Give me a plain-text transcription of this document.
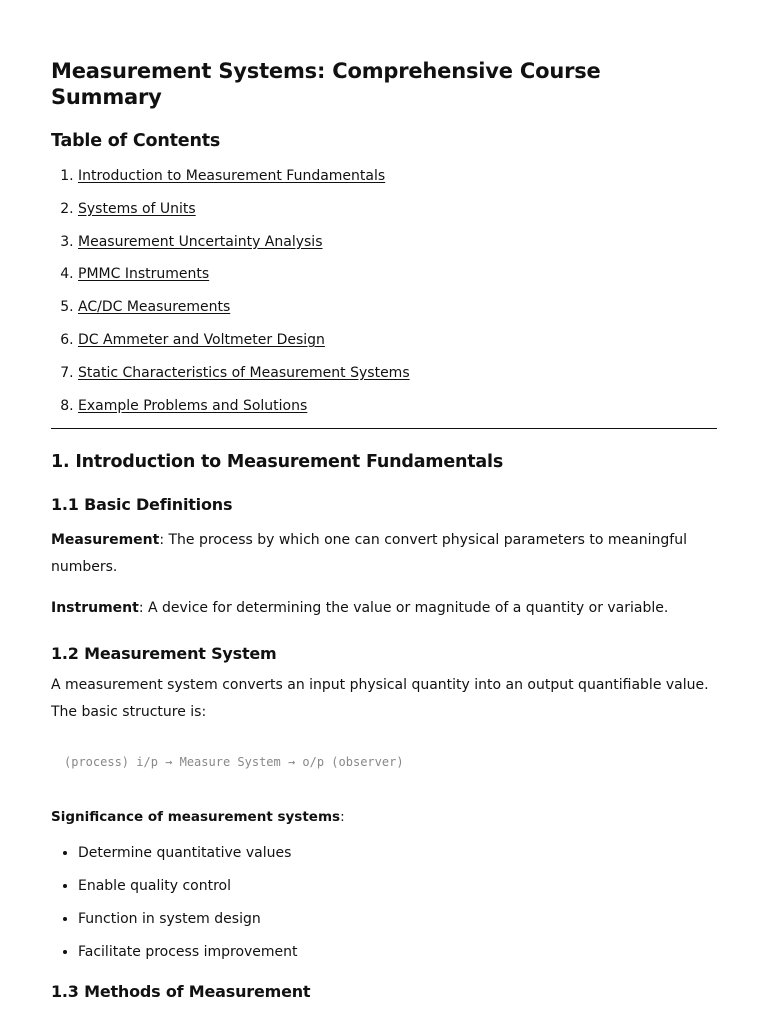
Measurement Systems: Comprehensive Course Summary
Table of Contents
1. Introduction to Measurement Fundamentals
2. Systems of Units
3. Measurement Uncertainty Analysis
4. PMMC Instruments
5. AC/DC Measurements
6. DC Ammeter and Voltmeter Design
7. Static Characteristics of Measurement Systems
8. Example Problems and Solutions
1. Introduction to Measurement Fundamentals
1.1 Basic Definitions

Measurement: The process by which one can convert physical parameters to meaningful numbers.

Instrument: A device for determining the value or magnitude of a quantity or variable.

1.2 Measurement System

A measurement system converts an input physical quantity into an output quantifiable value. The basic structure is:

(process) i/p → Measure System → o/p (observer)

Significance of measurement systems:

• Determine quantitative values
• Enable quality control
• Function in system design
• Facilitate process improvement
1.3 Methods of Measurement
